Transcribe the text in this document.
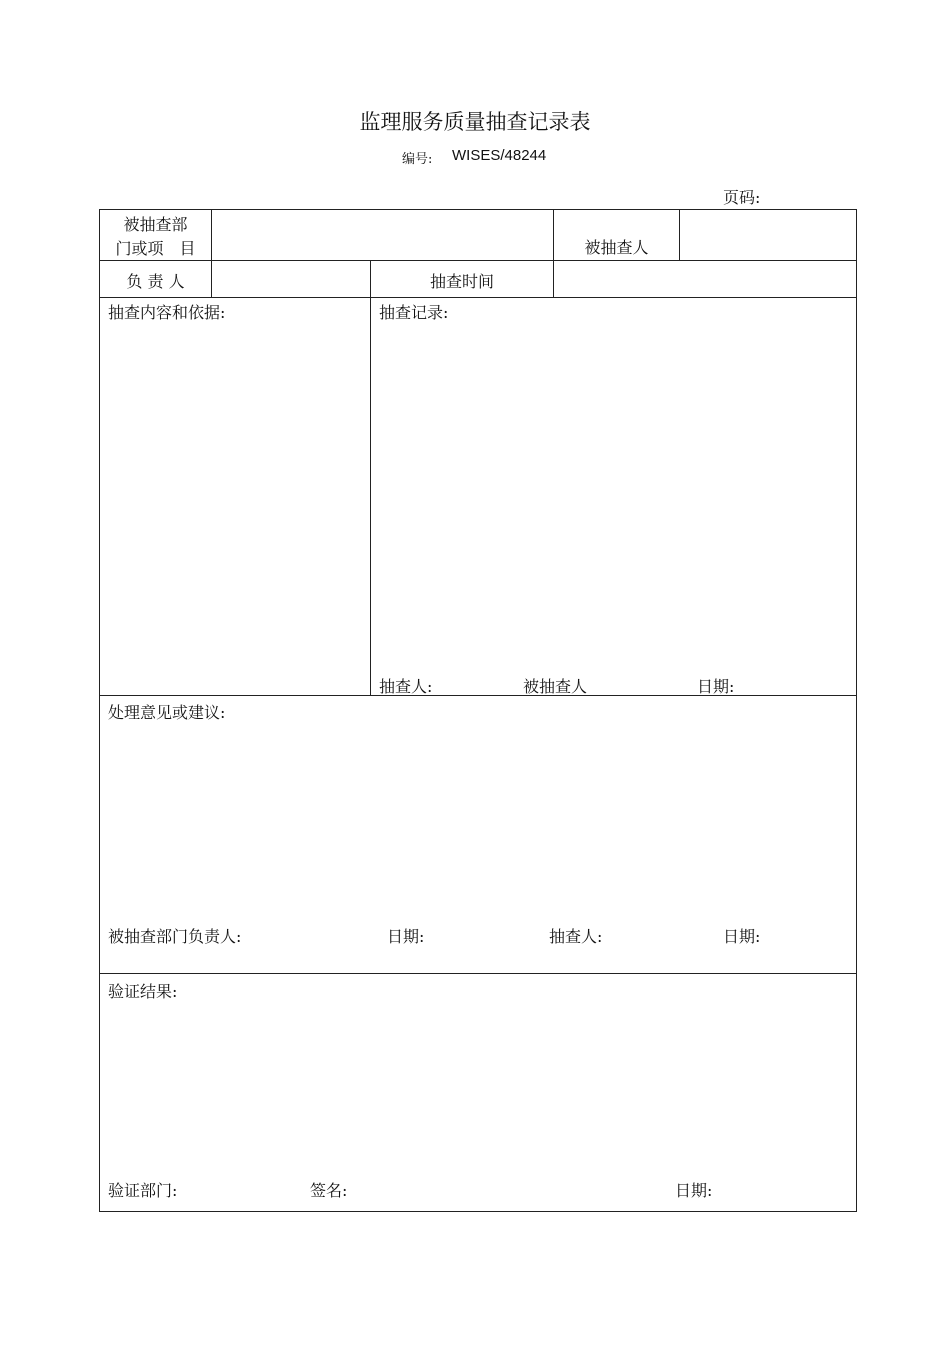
监理服务质量抽查记录表
编号: WISES/48244
页码:
被抽查部
门或项　目	被抽查人
负 责 人	抽查时间
抽查内容和依据:	抽查记录:
抽查人:	被抽查人	日期:
处理意见或建议:
被抽查部门负责人:	日期:	抽查人:	日期:
验证结果:
验证部门:	签名:	日期:
